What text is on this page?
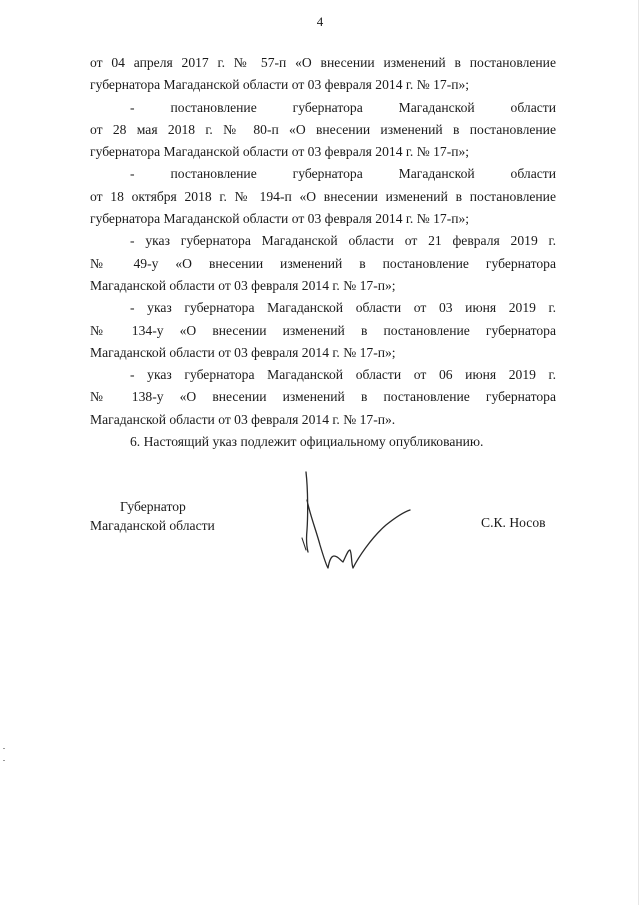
4
от 04 апреля 2017 г. № 57-п «О внесении изменений в постановление
губернатора Магаданской области от 03 февраля 2014 г. № 17-п»;
- постановление губернатора Магаданской области
от 28 мая 2018 г. № 80-п «О внесении изменений в постановление
губернатора Магаданской области от 03 февраля 2014 г. № 17-п»;
- постановление губернатора Магаданской области
от 18 октября 2018 г. № 194-п «О внесении изменений в постановление
губернатора Магаданской области от 03 февраля 2014 г. № 17-п»;
- указ губернатора Магаданской области от 21 февраля 2019 г.
№ 49-у «О внесении изменений в постановление губернатора
Магаданской области от 03 февраля 2014 г. № 17-п»;
- указ губернатора Магаданской области от 03 июня 2019 г.
№ 134-у «О внесении изменений в постановление губернатора
Магаданской области от 03 февраля 2014 г. № 17-п»;
- указ губернатора Магаданской области от 06 июня 2019 г.
№ 138-у «О внесении изменений в постановление губернатора
Магаданской области от 03 февраля 2014 г. № 17-п».
6. Настоящий указ подлежит официальному опубликованию.
Губернатор
Магаданской области	С.К. Носов
